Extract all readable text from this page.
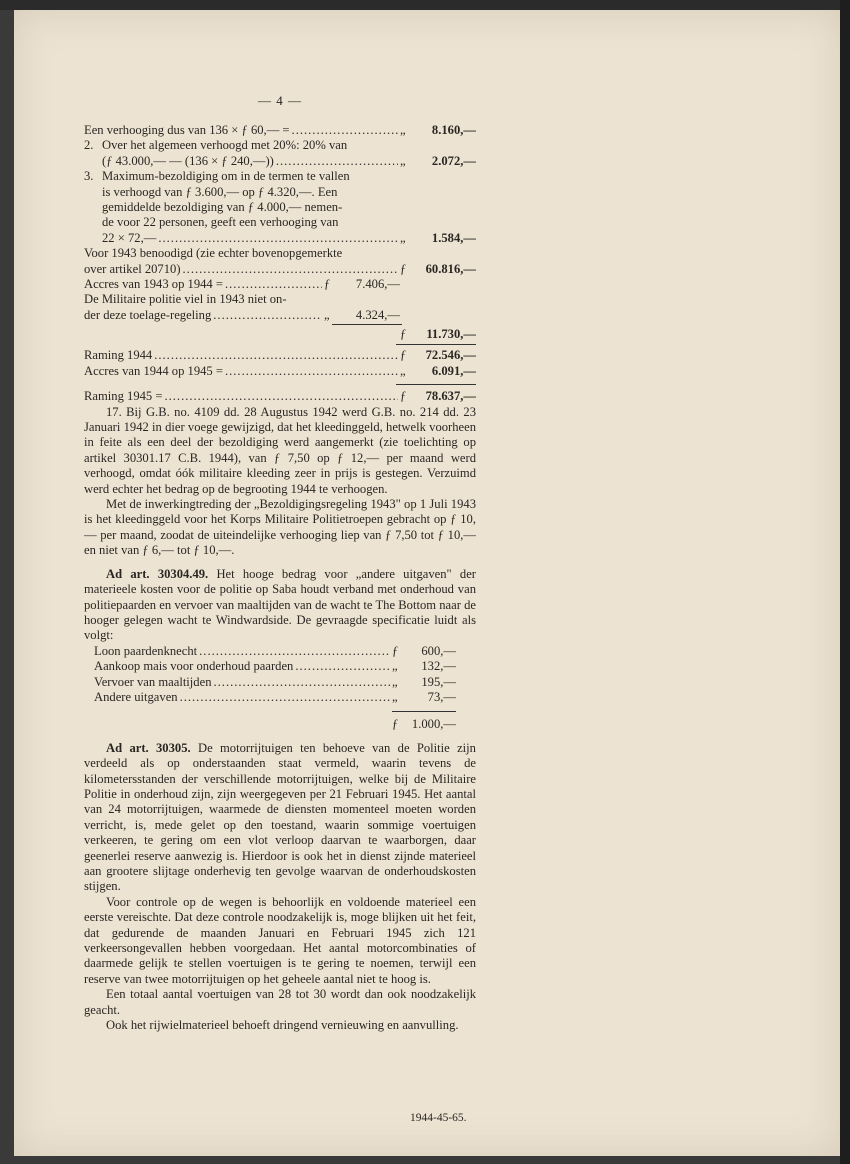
— 4 —
Een verhooging dus van 136 × ƒ 60,— = .....	„	8.160,—
2. Over het algemeen verhoogd met 20%: 20% van
(ƒ 43.000,— — (136 × ƒ 240,—)) .....	„	2.072,—
3. Maximum-bezoldiging om in de termen te vallen
is verhoogd van ƒ 3.600,— op ƒ 4.320,—. Een
gemiddelde bezoldiging van ƒ 4.000,— nemen-
de voor 22 personen, geeft een verhooging van
22 × 72,— .....	„	1.584,—
Voor 1943 benoodigd (zie echter bovenopgemerkte
over artikel 20710) .....	ƒ	60.816,—
Accres van 1943 op 1944 = .....	ƒ	7.406,—
De Militaire politie viel in 1943 niet on-
der deze toelage-regeling .....	„	4.324,—
ƒ	11.730,—
Raming 1944 .....	ƒ	72.546,—
Accres van 1944 op 1945 = .....	„	6.091,—
Raming 1945 = .....	ƒ	78.637,—

17. Bij G.B. no. 4109 dd. 28 Augustus 1942 werd G.B. no. 214 dd. 23 Januari 1942 in dier voege gewijzigd, dat het kleedinggeld, hetwelk voorheen in feite als een deel der bezoldiging werd aangemerkt (zie toelichting op artikel 30301.17 C.B. 1944), van ƒ 7,50 op ƒ 12,— per maand werd verhoogd, omdat óók militaire kleeding zeer in prijs is gestegen. Verzuimd werd echter het bedrag op de begrooting 1944 te verhoogen.

Met de inwerkingtreding der „Bezoldigingsregeling 1943" op 1 Juli 1943 is het kleedinggeld voor het Korps Militaire Politietroepen gebracht op ƒ 10,— per maand, zoodat de uiteindelijke verhooging liep van ƒ 7,50 tot ƒ 10,— en niet van ƒ 6,— tot ƒ 10,—.

Ad art. 30304.49. Het hooge bedrag voor „andere uitgaven" der materieele kosten voor de politie op Saba houdt verband met onderhoud van politiepaarden en vervoer van maaltijden van de wacht te The Bottom naar de hooger gelegen wacht te Windwardside. De gevraagde specificatie luidt als volgt:

Loon paardenknecht .....	ƒ	600,—
Aankoop mais voor onderhoud paarden .....	„	132,—
Vervoer van maaltijden .....	„	195,—
Andere uitgaven .....	„	73,—
ƒ	1.000,—

Ad art. 30305. De motorrijtuigen ten behoeve van de Politie zijn verdeeld als op onderstaanden staat vermeld, waarin tevens de kilometersstanden der verschillende motorrijtuigen, welke bij de Militaire Politie in onderhoud zijn, zijn weergegeven per 21 Februari 1945. Het aantal van 24 motorrijtuigen, waarmede de diensten momenteel moeten worden verricht, is, mede gelet op den toestand, waarin sommige voertuigen verkeeren, te gering om een vlot verloop daarvan te waarborgen, daar geenerlei reserve aanwezig is. Hierdoor is ook het in dienst zijnde materieel aan grootere slijtage onderhevig ten gevolge waarvan de onderhoudskosten stijgen.

Voor controle op de wegen is behoorlijk en voldoende materieel een eerste vereischte. Dat deze controle noodzakelijk is, moge blijken uit het feit, dat gedurende de maanden Januari en Februari 1945 zich 121 verkeersongevallen hebben voorgedaan. Het aantal motorcombinaties of daarmede gelijk te stellen voertuigen is te gering te noemen, terwijl een reserve van twee motorrijtuigen op het geheele aantal niet te hoog is.

Een totaal aantal voertuigen van 28 tot 30 wordt dan ook noodzakelijk geacht.

Ook het rijwielmaterieel behoeft dringend vernieuwing en aanvulling.

1944-45-65.
